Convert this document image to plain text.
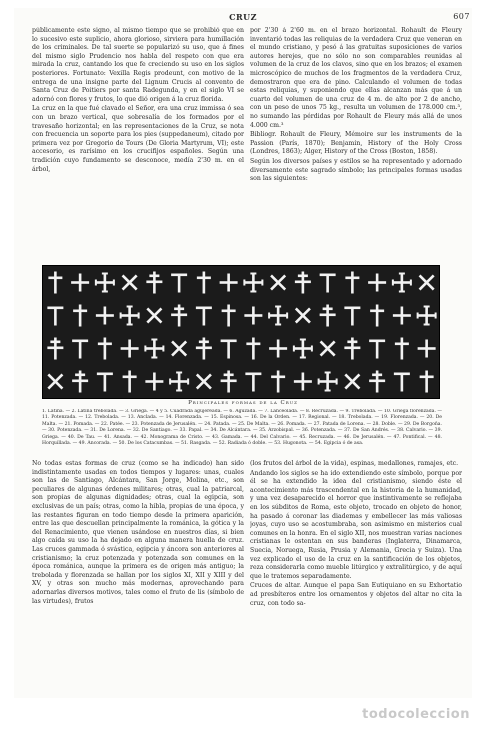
CRUZ	607

públicamente este signo, al mismo tiempo que se prohibió que en lo sucesivo este suplicio, ahora glorioso, sirviera para humillación de los criminales. De tal suerte se popularizó su uso, que á fines del mismo siglo Prudencio nos habla del respeto con que era mirada la cruz, cantando los que fe creciendo su uso en los siglos posteriores. Fortunato: Vexilla Regis prodeunt, con motivo de la entrega de una insigne parte del Lignum Crucis al convento de Santa Cruz de Poitiers por santa Radegunda, y en el siglo VI se adornó con flores y frutos, lo que dió origen á la cruz florida.

La cruz en la que fué clavado el Señor, era una cruz immissa ó sea con un brazo vertical, que sobresalía de los formados por el travesaño horizontal; en las representaciones de la Cruz, se nota con frecuencia un soporte para los pies (suppedaneum), citado por primera vez por Gregorio de Tours (De Gloria Martyrum, VI); este accesorio, es rarísimo en los crucifijos españoles. Según una tradición cuyo fundamento se desconoce, medía 2'30 m. en el árbol,

por 2'30 á 2'60 m. en el brazo horizontal. Rohault de Fleury inventarió todas las reliquias de la verdadera Cruz que veneran en el mundo cristiano, y pesó á las gratuitas suposiciones de varios autores herejes, que no sólo no son comparables reunidas al volumen de la cruz de los clavos, sino que en los brazos; el examen microscópico de muchos de los fragmentos de la verdadera Cruz, demostraron que era de pino. Calculando el volumen de todas estas reliquias, y suponiendo que ellas alcanzan más que á un cuarto del volumen de una cruz de 4 m. de alto por 2 de ancho, con un peso de unos 75 kg., resulta un volumen de 178.000 cm.³, no sumando las pérdidas por Rohault de Fleury más allá de unos 4.000 cm.³

Bibliogr. Rohault de Fleury, Mémoire sur les instruments de la Passion (París, 1870); Benjamin, History of the Holy Cross (Londres, 1863); Alger, History of the Cross (Boston, 1858).

Según los diversos países y estilos se ha representado y adornado diversamente este sagrado símbolo; las principales formas usadas son las siguientes:

Principales formas de la Cruz
1. Latina. — 2. Latina trebolada. — 3. Griega. — 4 y 5. Cuadrada agujereada. — 6. Aguzada. — 7. Lanceolada. — 8. Recruzada. — 9. Trebolada. — 10. Griega florenzada. — 11. Potenzada. — 12. Trebolada. — 13. Anclada. — 14. Florenzada. — 15. Espinosa. — 16. De la Orden. — 17. Regional. — 18. Trebolada. — 19. Florenzada. — 20. De Malta. — 21. Pomada. — 22. Patée. — 23. Potenzada de Jerusalén. — 24. Patada. — 25. De Malta. — 26. Pomada. — 27. Patada de Lorena. — 28. Doble. — 29. De Borgoña. — 30. Potenzada. — 31. De Lorena. — 32. De Santiago. — 33. Papal. — 34. De Alcántara. — 35. Arzobispal. — 36. Potenzada. — 37. De San Andrés. — 38. Calvario. — 39. Griega. — 40. De Tau. — 41. Ansada. — 42. Monograma de Cristo. — 43. Gamada. — 44. Del Calvario. — 45. Recruzada. — 46. De Jerusalén. — 47. Pontifical. — 48. Horquillada. — 49. Ancorada. — 50. De los Catacumbas. — 51. Rasgada. — 52. Radiada ó doble. — 53. Hugonota. — 54. Egipcia ó de asa.

No todas estas formas de cruz (como se ha indicado) han sido indistintamente usadas en todos tiempos y lugares: unas, cuales son las de Santiago, Alcántara, San Jorge, Molina, etc., son peculiares de algunas órdenes militares; otras, cual la patriarcal, son propias de algunas dignidades; otras, cual la egipcia, son exclusivas de un país; otras, como la hibla, propias de una época, y las restantes figuran en todo tiempo desde la primera aparición, entre las que descuellan principalmente la románica, la gótica y la del Renacimiento, que vienen usándose en nuestros días, si bien algo caída su uso la ha dejado en alguna manera huella de cruz. Las cruces gammada ó svástica, egipcia y áncora son anteriores al cristianismo; la cruz potenzada y potenzada son comunes en la época románica, aunque la primera es de origen más antiguo; la trebolada y florenzada se hallan por los siglos XI, XII y XIII y del XV, y otras son mucho más modernas, aprovechando para adornarlas diversos motivos, tales como el fruto de lis (símbolo de las virtudes), frutos

(los frutos del árbol de la vida), espinas, medallones, ramajes, etc.

Andando los siglos se ha ido extendiendo este símbolo, porque por él se ha extendido la idea del cristianismo, siendo éste el acontecimiento más trascendental en la historia de la humanidad, y una vez desaparecido el horror que instintivamente se reflejaba en los súbditos de Roma, este objeto, trocado en objeto de honor, ha pasado á coronar las diademas y embellecer las más valiosas joyas, cuyo uso se acostumbraba, son asimismo en misterios cual comunes en la honra. En el siglo XII, nos muestran varias naciones cristianas le ostentan en sus banderas (Inglaterra, Dinamarca, Suecia, Noruega, Rusia, Prusia y Alemania, Grecia y Suiza). Una vez explicado el uso de la cruz en la santificación de los objetos, reza considerarla como mueble litúrgico y extralitúrgico, y de aquí que le tratemos separadamente.

Cruces de altar. Aunque el papa San Eutiquiano en su Exhortatio ad presbíteros entre los ornamentos y objetos del altar no cita la cruz, con todo sa-

todocoleccion
